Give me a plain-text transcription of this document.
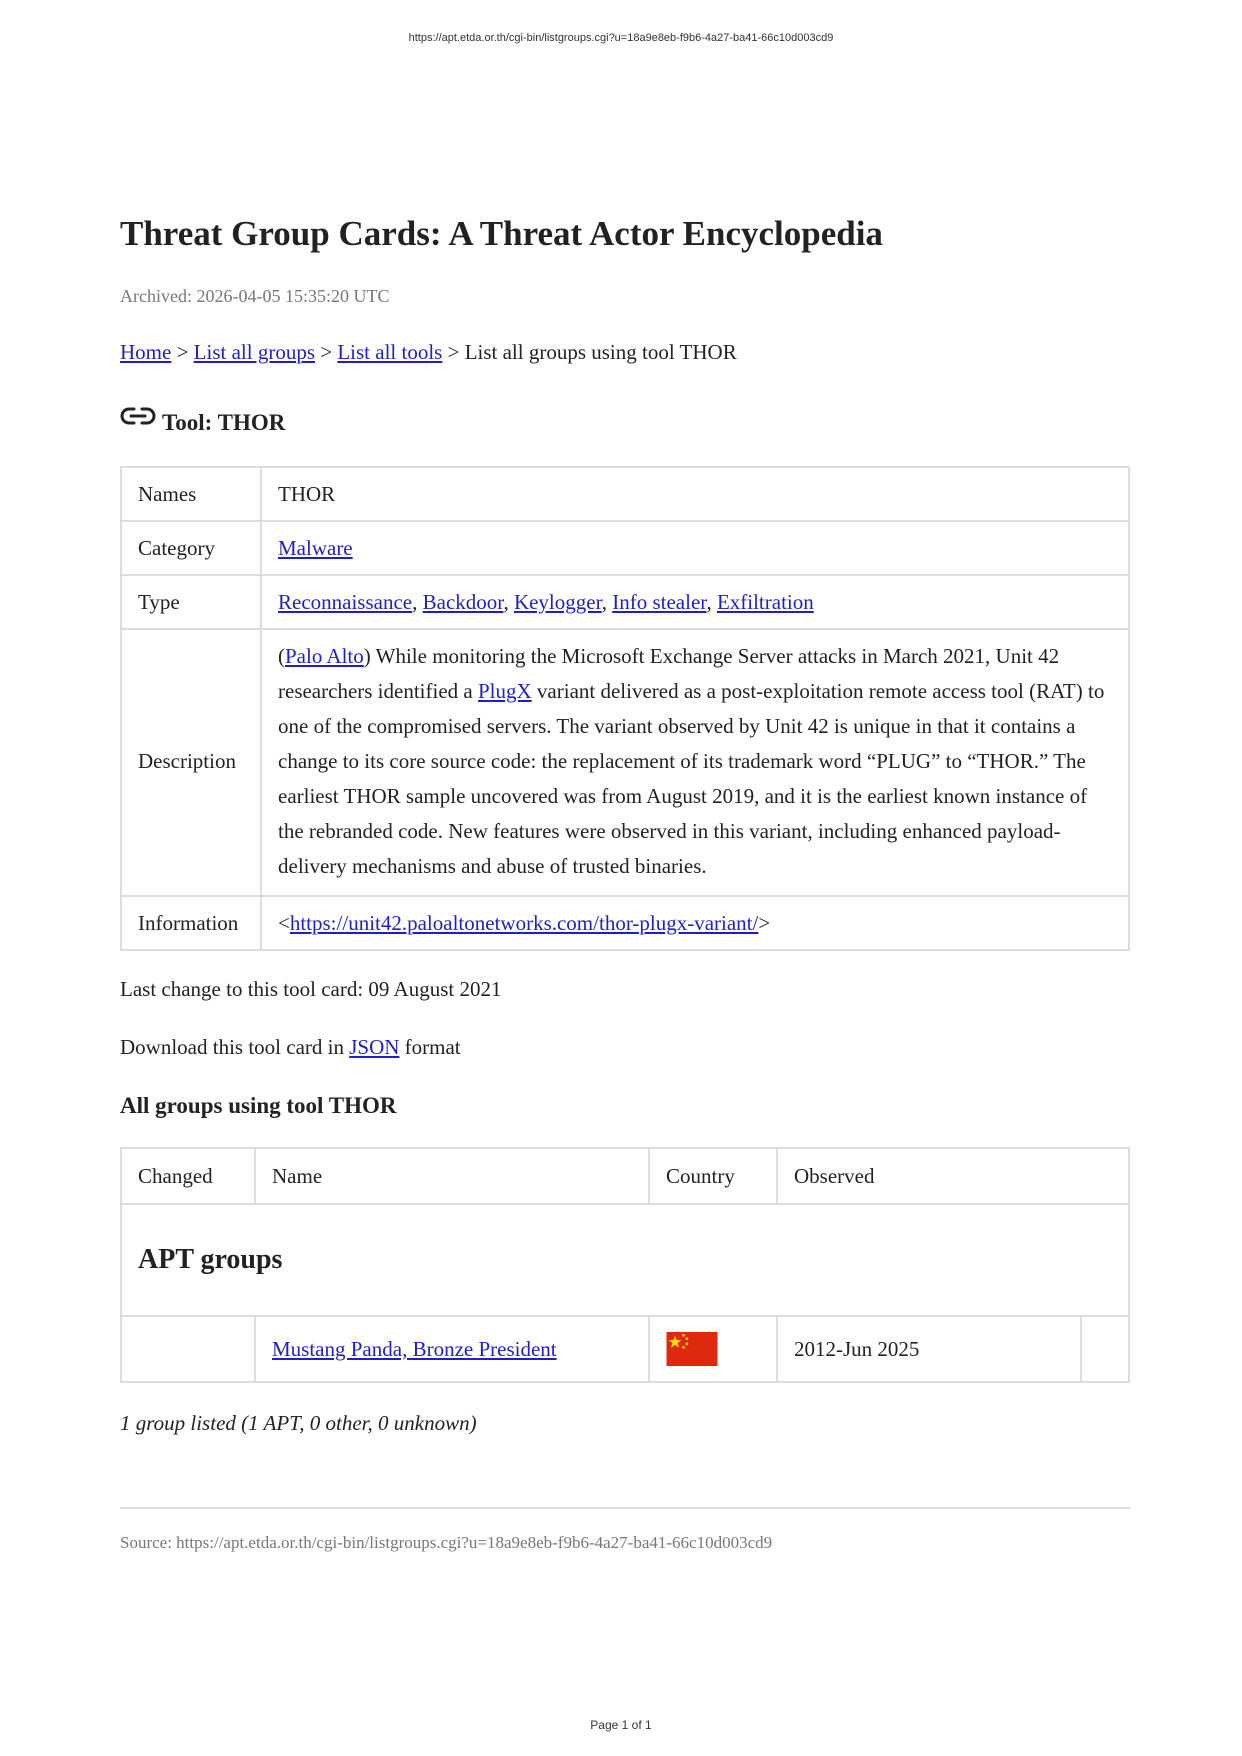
https://apt.etda.or.th/cgi-bin/listgroups.cgi?u=18a9e8eb-f9b6-4a27-ba41-66c10d003cd9
Threat Group Cards: A Threat Actor Encyclopedia
Archived: 2026-04-05 15:35:20 UTC
Home > List all groups > List all tools > List all groups using tool THOR
Tool: THOR
Names	THOR
Category	Malware
Type	Reconnaissance, Backdoor, Keylogger, Info stealer, Exfiltration
Description	(Palo Alto) While monitoring the Microsoft Exchange Server attacks in March 2021, Unit 42 researchers identified a PlugX variant delivered as a post-exploitation remote access tool (RAT) to one of the compromised servers. The variant observed by Unit 42 is unique in that it contains a change to its core source code: the replacement of its trademark word “PLUG” to “THOR.” The earliest THOR sample uncovered was from August 2019, and it is the earliest known instance of the rebranded code. New features were observed in this variant, including enhanced payload-delivery mechanisms and abuse of trusted binaries.
Information	<https://unit42.paloaltonetworks.com/thor-plugx-variant/>
Last change to this tool card: 09 August 2021
Download this tool card in JSON format
All groups using tool THOR
Changed	Name	Country	Observed	
APT groups				
	Mustang Panda, Bronze President		2012-Jun 2025	
1 group listed (1 APT, 0 other, 0 unknown)
Source: https://apt.etda.or.th/cgi-bin/listgroups.cgi?u=18a9e8eb-f9b6-4a27-ba41-66c10d003cd9
Page 1 of 1
